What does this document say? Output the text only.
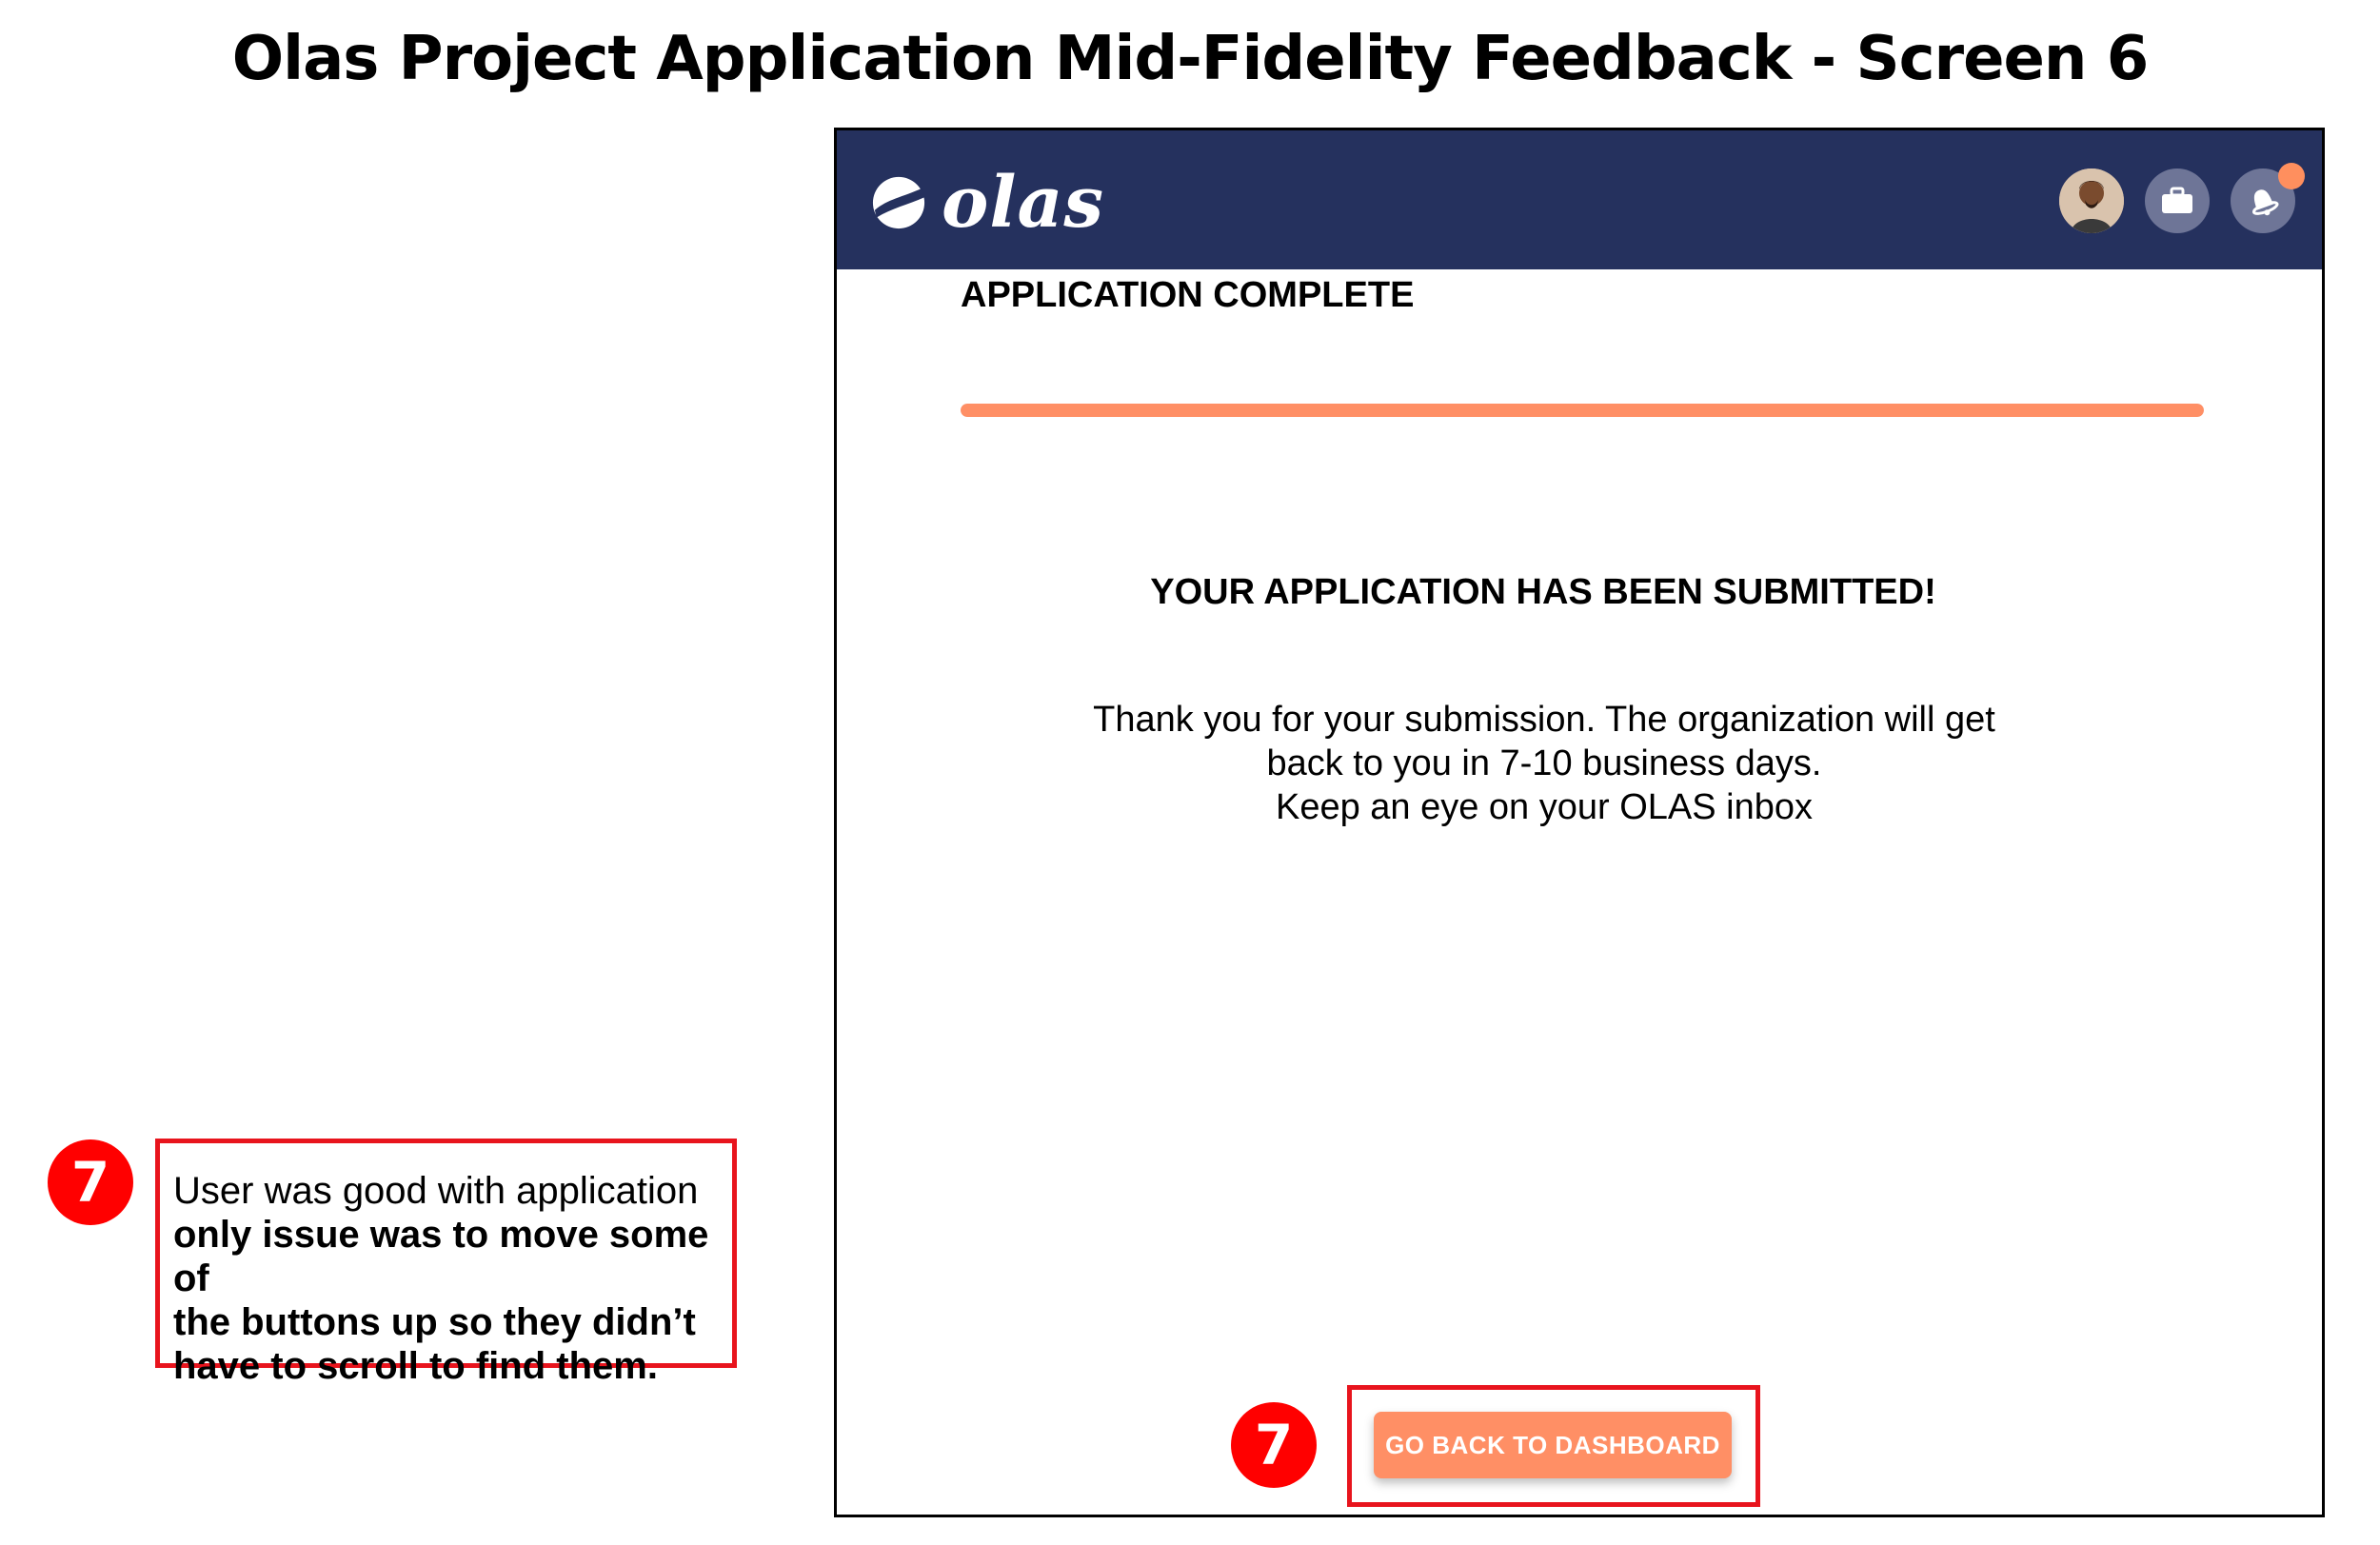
Olas Project Application Mid-Fidelity Feedback - Screen 6
7	User was good with application
only issue was to move some of
the buttons up so they didn’t
have to scroll to find them.
olas
APPLICATION COMPLETE
YOUR APPLICATION HAS BEEN SUBMITTED!
Thank you for your submission. The organization will get
back to you in 7-10 business days.
Keep an eye on your OLAS inbox
7	GO BACK TO DASHBOARD
